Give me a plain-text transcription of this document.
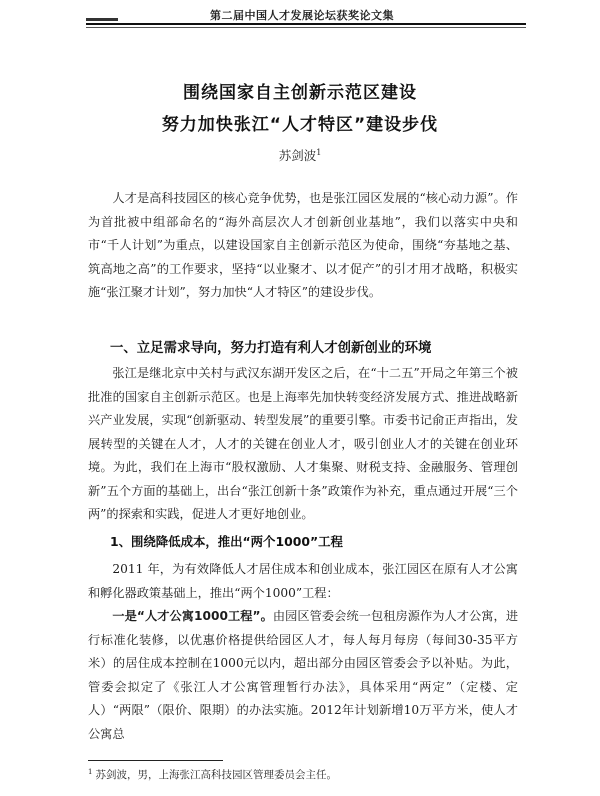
第二届中国人才发展论坛获奖论文集
围绕国家自主创新示范区建设
努力加快张江“人才特区”建设步伐
苏剑波$^1$
人才是高科技园区的核心竞争优势，也是张江园区发展的“核心动力源”。作为首批被中组部命名的“海外高层次人才创新创业基地”，我们以落实中央和市“千人计划”为重点，以建设国家自主创新示范区为使命，围绕“夯基地之基、筑高地之高”的工作要求，坚持“以业聚才、以才促产”的引才用才战略，积极实施“张江聚才计划”，努力加快“人才特区”的建设步伐。
一、立足需求导向，努力打造有利人才创新创业的环境
张江是继北京中关村与武汉东湖开发区之后，在“十二五”开局之年第三个被批准的国家自主创新示范区。也是上海率先加快转变经济发展方式、推进战略新兴产业发展，实现“创新驱动、转型发展”的重要引擎。市委书记俞正声指出，发展转型的关键在人才，人才的关键在创业人才，吸引创业人才的关键在创业环境。为此，我们在上海市“股权激励、人才集聚、财税支持、金融服务、管理创新”五个方面的基础上，出台“张江创新十条”政策作为补充，重点通过开展“三个两”的探索和实践，促进人才更好地创业。
1、围绕降低成本，推出“两个1000”工程
2011 年，为有效降低人才居住成本和创业成本，张江园区在原有人才公寓和孵化器政策基础上，推出“两个1000”工程：
一是“人才公寓1000工程”。由园区管委会统一包租房源作为人才公寓，进行标准化装修，以优惠价格提供给园区人才，每人每月每房（每间30-35平方米）的居住成本控制在1000元以内，超出部分由园区管委会予以补贴。为此，管委会拟定了《张江人才公寓管理暂行办法》，具体采用“两定”（定楼、定人）“两限”（限价、限期）的办法实施。2012年计划新增10万平方米，使人才公寓总
$^1$ 苏剑波，男，上海张江高科技园区管理委员会主任。
